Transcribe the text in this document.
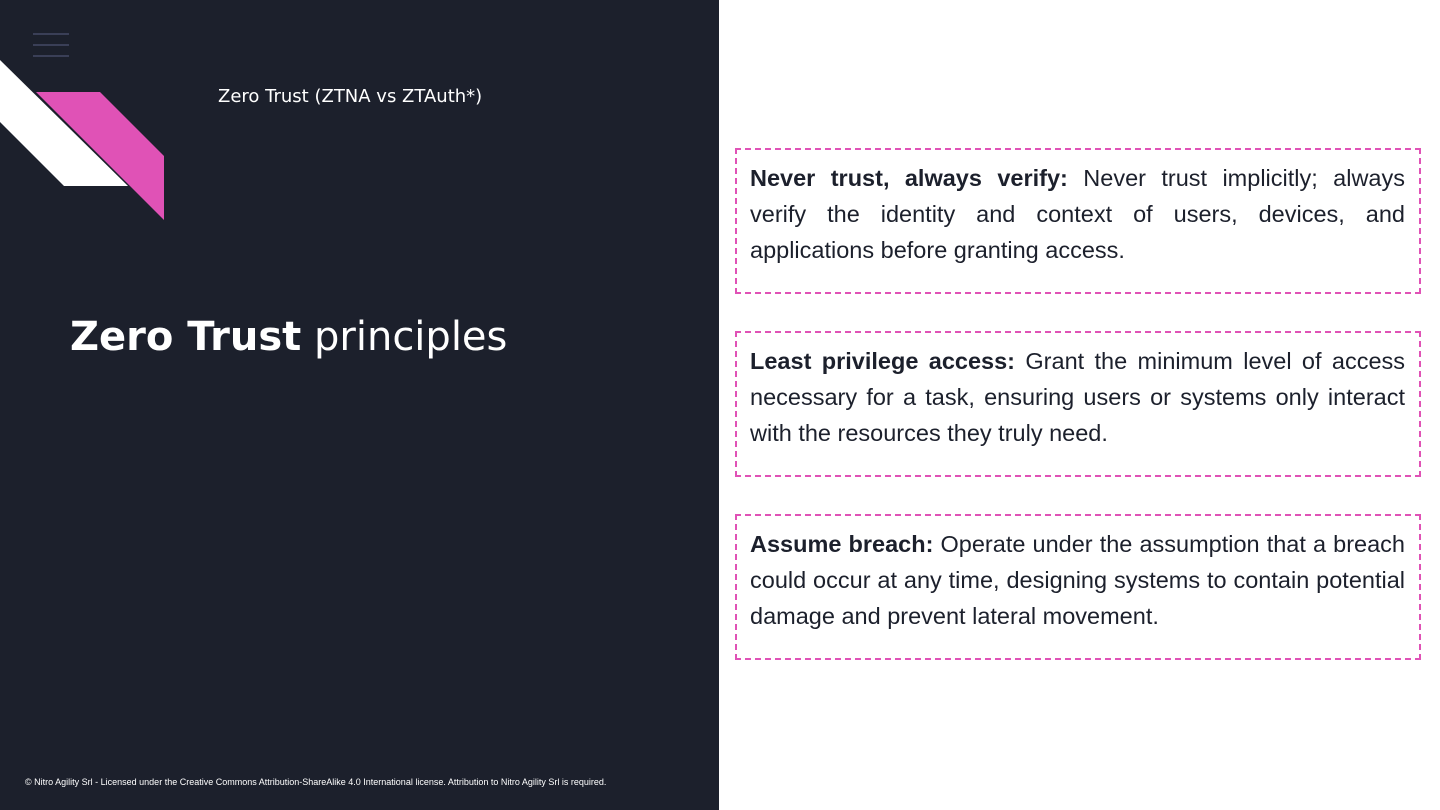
Zero Trust (ZTNA vs ZTAuth*)
Zero Trust principles
© Nitro Agility Srl - Licensed under the Creative Commons Attribution-ShareAlike 4.0 International license. Attribution to Nitro Agility Srl is required.

Never trust, always verify: Never trust implicitly; always verify the identity and context of users, devices, and applications before granting access.

Least privilege access: Grant the minimum level of access necessary for a task, ensuring users or systems only interact with the resources they truly need.

Assume breach: Operate under the assumption that a breach could occur at any time, designing systems to contain potential damage and prevent lateral movement.
